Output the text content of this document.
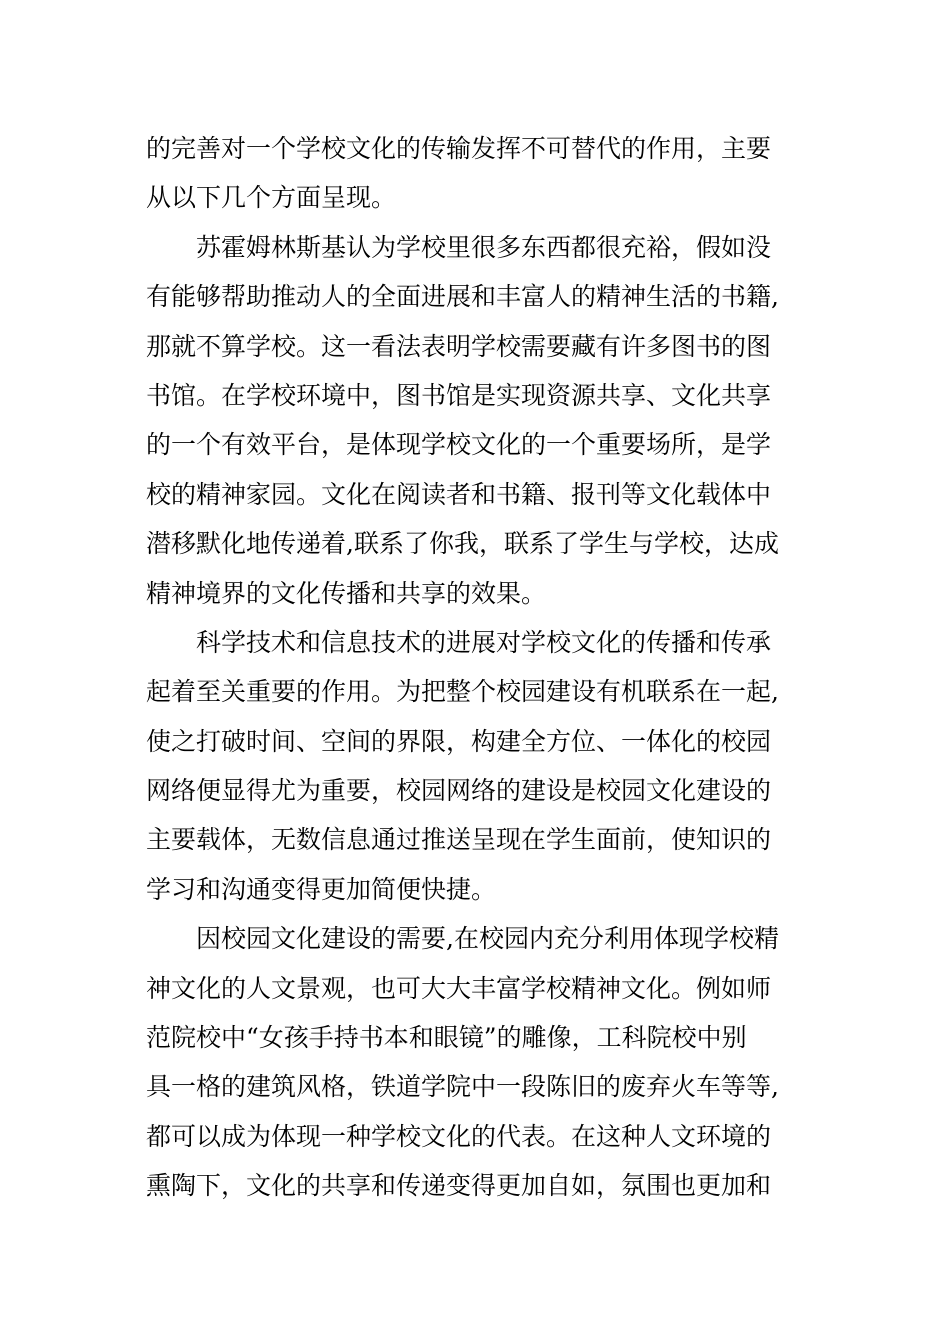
的完善对一个学校文化的传输发挥不可替代的作用，主要
从以下几个方面呈现。
苏霍姆林斯基认为学校里很多东西都很充裕，假如没
有能够帮助推动人的全面进展和丰富人的精神生活的书籍,
那就不算学校。这一看法表明学校需要藏有许多图书的图
书馆。在学校环境中，图书馆是实现资源共享、文化共享
的一个有效平台，是体现学校文化的一个重要场所，是学
校的精神家园。文化在阅读者和书籍、报刊等文化载体中
潜移默化地传递着,联系了你我，联系了学生与学校，达成
精神境界的文化传播和共享的效果。
科学技术和信息技术的进展对学校文化的传播和传承
起着至关重要的作用。为把整个校园建设有机联系在一起,
使之打破时间、空间的界限，构建全方位、一体化的校园
网络便显得尤为重要，校园网络的建设是校园文化建设的
主要载体，无数信息通过推送呈现在学生面前，使知识的
学习和沟通变得更加简便快捷。
因校园文化建设的需要,在校园内充分利用体现学校精
神文化的人文景观，也可大大丰富学校精神文化。例如师
范院校中“女孩手持书本和眼镜”的雕像，工科院校中别
具一格的建筑风格，铁道学院中一段陈旧的废弃火车等等,
都可以成为体现一种学校文化的代表。在这种人文环境的
熏陶下，文化的共享和传递变得更加自如，氛围也更加和
